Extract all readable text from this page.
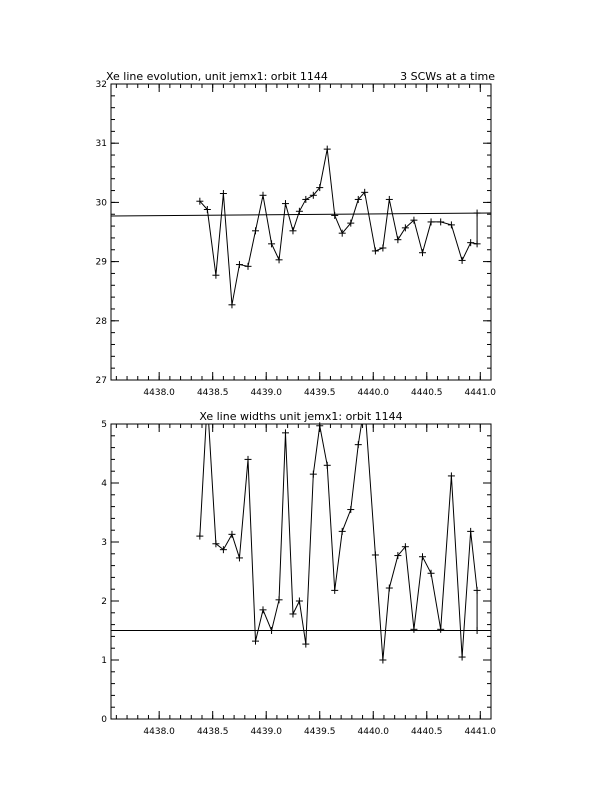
Xe line evolution, unit jemx1: orbit 1144	3 SCWs at a time
4438.0 4438.5 4439.0 4439.5 4440.0 4440.5 4441.0
27
28
29
30
31
32
Xe line widths unit jemx1: orbit 1144
4438.0 4438.5 4439.0 4439.5 4440.0 4440.5 4441.0
0
1
2
3
4
5
